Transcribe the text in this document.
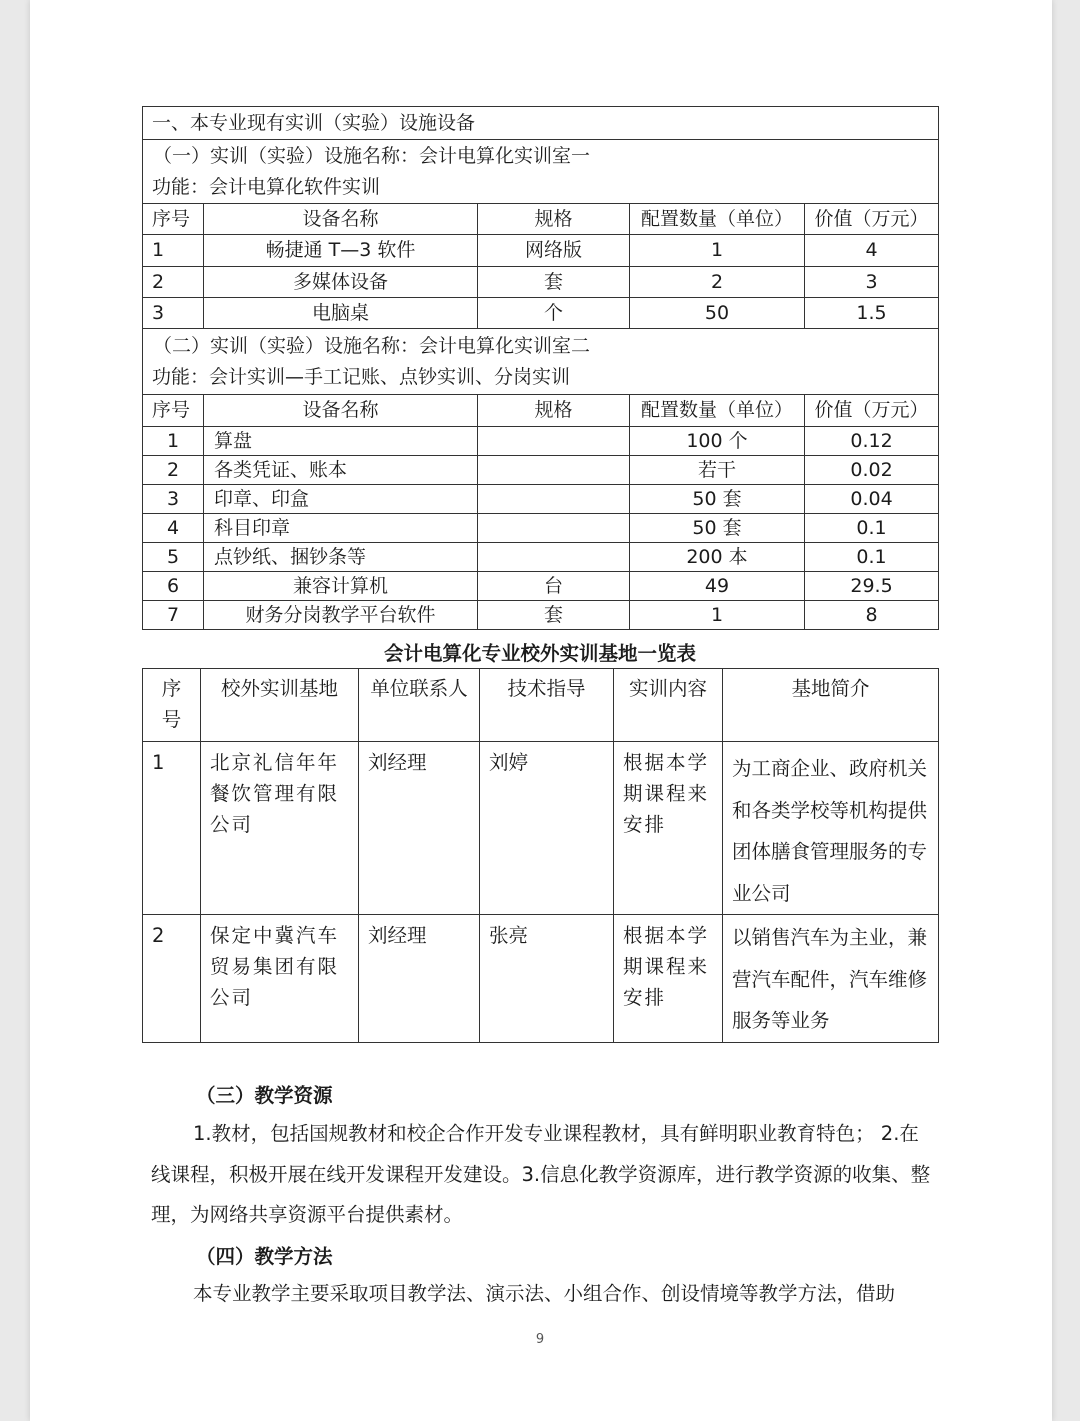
一、本专业现有实训（实验）设施设备				

（一）实训（实验）设施名称：会计电算化实训室一
功能：会计电算化软件实训				

序号	设备名称	规格	配置数量（单位）	价值（万元）
1	畅捷通 T—3 软件	网络版	1	4
2	多媒体设备	套	2	3
3	电脑桌	个	50	1.5

（二）实训（实验）设施名称：会计电算化实训室二
功能：会计实训—手工记账、点钞实训、分岗实训				

序号	设备名称	规格	配置数量（单位）	价值（万元）
1	算盘		100 个	0.12
2	各类凭证、账本		若干	0.02
3	印章、印盒		50 套	0.04
4	科目印章		50 套	0.1
5	点钞纸、捆钞条等		200 本	0.1
6	兼容计算机	台	49	29.5
7	财务分岗教学平台软件	套	1	8
会计电算化专业校外实训基地一览表
序号	校外实训基地	单位联系人	技术指导	实训内容	基地简介
1	北京礼信年年餐饮管理有限公司	刘经理	刘婷	根据本学期课程来安排	为工商企业、政府机关和各类学校等机构提供团体膳食管理服务的专业公司
2	保定中冀汽车贸易集团有限公司	刘经理	张亮	根据本学期课程来安排	以销售汽车为主业，兼营汽车配件，汽车维修服务等业务
（三）教学资源
1.教材，包括国规教材和校企合作开发专业课程教材，具有鲜明职业教育特色； 2.在线课程，积极开展在线开发课程开发建设。3.信息化教学资源库，进行教学资源的收集、整理，为网络共享资源平台提供素材。
（四）教学方法
本专业教学主要采取项目教学法、演示法、小组合作、创设情境等教学方法，借助
9
